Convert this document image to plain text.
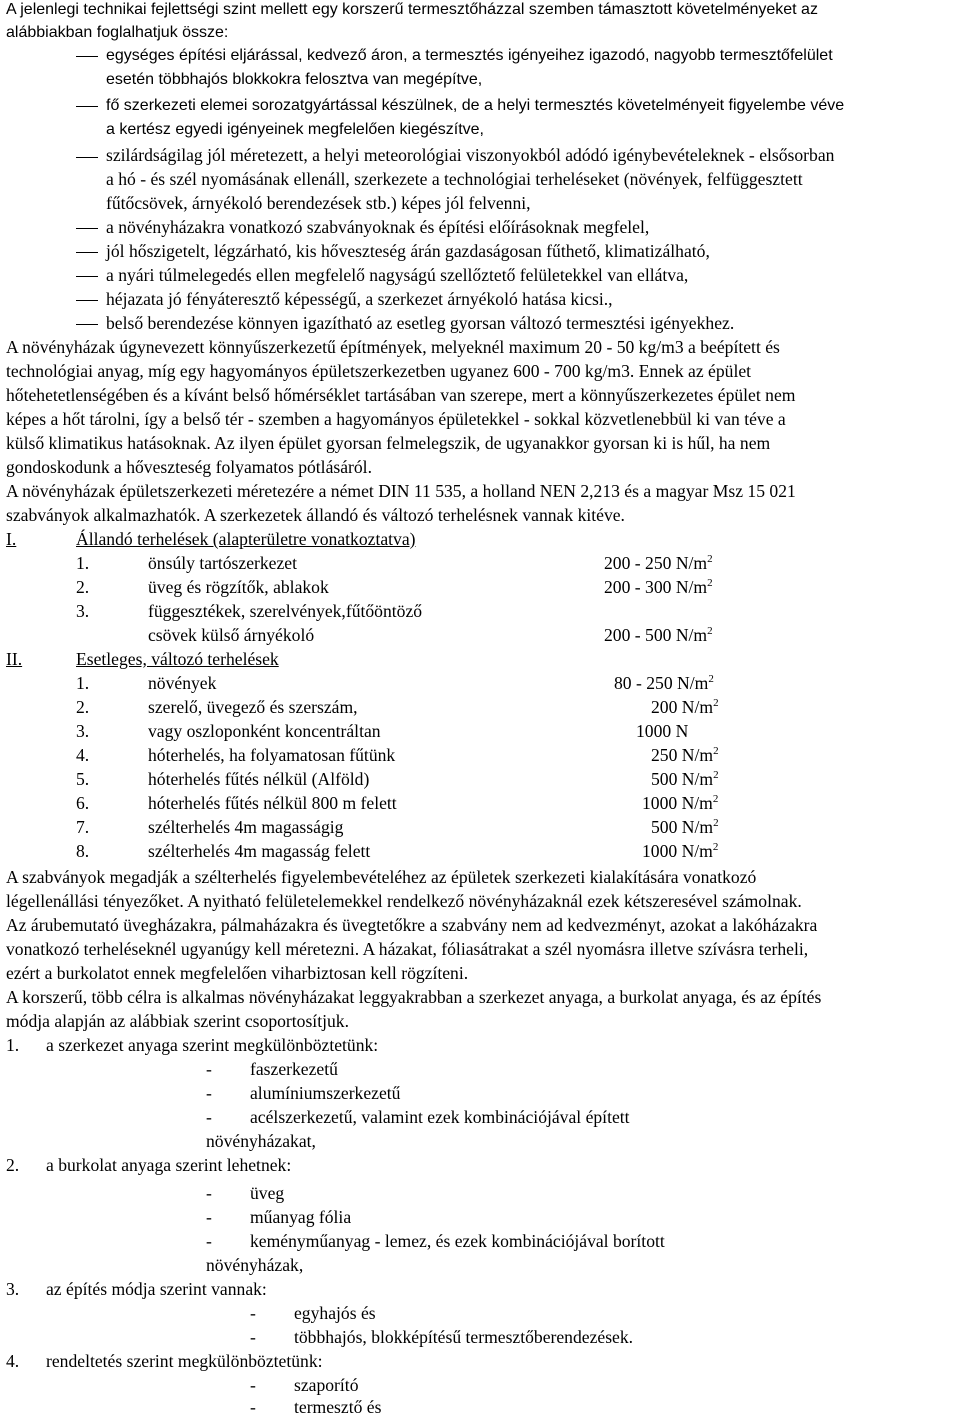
A jelenlegi technikai fejlettségi szint mellett egy korszerű termesztőházzal szemben támasztott követelményeket az
alábbiakban foglalhatjuk össze:
egységes építési eljárással, kedvező áron, a termesztés igényeihez igazodó, nagyobb termesztőfelület
esetén többhajós blokkokra felosztva van megépítve,
fő szerkezeti elemei sorozatgyártással készülnek, de a helyi termesztés követelményeit figyelembe véve
a kertész egyedi igényeinek megfelelően kiegészítve,
szilárdságilag jól méretezett, a helyi meteorológiai viszonyokból adódó igénybevételeknek - elsősorban
a hó - és szél nyomásának ellenáll, szerkezete a technológiai terheléseket (növények, felfüggesztett
fűtőcsövek, árnyékoló berendezések stb.) képes jól felvenni,
a növényházakra vonatkozó szabványoknak és építési előírásoknak megfelel,
jól hőszigetelt, légzárható, kis hőveszteség árán gazdaságosan fűthető, klimatizálható,
a nyári túlmelegedés ellen megfelelő nagyságú szellőztető felületekkel van ellátva,
héjazata jó fényáteresztő képességű, a szerkezet árnyékoló hatása kicsi.,
belső berendezése könnyen igazítható az esetleg gyorsan változó termesztési igényekhez.
A növényházak úgynevezett könnyűszerkezetű építmények, melyeknél maximum 20 - 50 kg/m3 a beépített és
technológiai anyag, míg egy hagyományos épületszerkezetben ugyanez 600 - 700 kg/m3. Ennek az épület
hőtehetetlenségében és a kívánt belső hőmérséklet tartásában van szerepe, mert a könnyűszerkezetes épület nem
képes a hőt tárolni, így a belső tér - szemben a hagyományos épületekkel - sokkal közvetlenebbül ki van téve a
külső klimatikus hatásoknak. Az ilyen épület gyorsan felmelegszik, de ugyanakkor gyorsan ki is hűl, ha nem
gondoskodunk a hőveszteség folyamatos pótlásáról.
A növényházak épületszerkezeti méretezére a német DIN 11 535, a holland NEN 2,213 és a magyar Msz 15 021
szabványok alkalmazhatók. A szerkezetek állandó és változó terhelésnek vannak kitéve.
I.	Állandó terhelések (alapterületre vonatkoztatva)
1.	önsúly tartószerkezet	200 - 250 $N/m^2$
2.	üveg és rögzítők, ablakok	200 - 300 $N/m^2$
3.	függesztékek, szerelvények,fűtőöntöző
csövek külső árnyékoló	200 - 500 $N/m^2$
II.	Esetleges, változó terhelések
1.	növények	80 - 250 $N/m^2$
2.	szerelő, üvegező és szerszám,	200 $N/m^2$
3.	vagy oszloponként koncentráltan	1000 N
4.	hóterhelés, ha folyamatosan fűtünk	250 $N/m^2$
5.	hóterhelés fűtés nélkül (Alföld)	500 $N/m^2$
6.	hóterhelés fűtés nélkül 800 m felett	1000 $N/m^2$
7.	szélterhelés 4m magasságig	500 $N/m^2$
8.	szélterhelés 4m magasság felett	1000 $N/m^2$
A szabványok megadják a szélterhelés figyelembevételéhez az épületek szerkezeti kialakítására vonatkozó
légellenállási tényezőket. A nyitható felületelemekkel rendelkező növényházaknál ezek kétszeresével számolnak.
Az árubemutató üvegházakra, pálmaházakra és üvegtetőkre a szabvány nem ad kedvezményt, azokat a lakóházakra
vonatkozó terheléseknél ugyanúgy kell méretezni. A házakat, fóliasátrakat a szél nyomásra illetve szívásra terheli,
ezért a burkolatot ennek megfelelően viharbiztosan kell rögzíteni.
A korszerű, több célra is alkalmas növényházakat leggyakrabban a szerkezet anyaga, a burkolat anyaga, és az építés
módja alapján az alábbiak szerint csoportosítjuk.
1. a szerkezet anyaga szerint megkülönböztetünk:
- faszerkezetű
- alumíniumszerkezetű
- acélszerkezetű, valamint ezek kombinációjával épített
növényházakat,
2. a burkolat anyaga szerint lehetnek:
- üveg
- műanyag fólia
- keményműanyag - lemez, és ezek kombinációjával borított
növényházak,
3. az építés módja szerint vannak:
- egyhajós és
- többhajós, blokképítésű termesztőberendezések.
4. rendeltetés szerint megkülönböztetünk:
- szaporító
- termesztő és
